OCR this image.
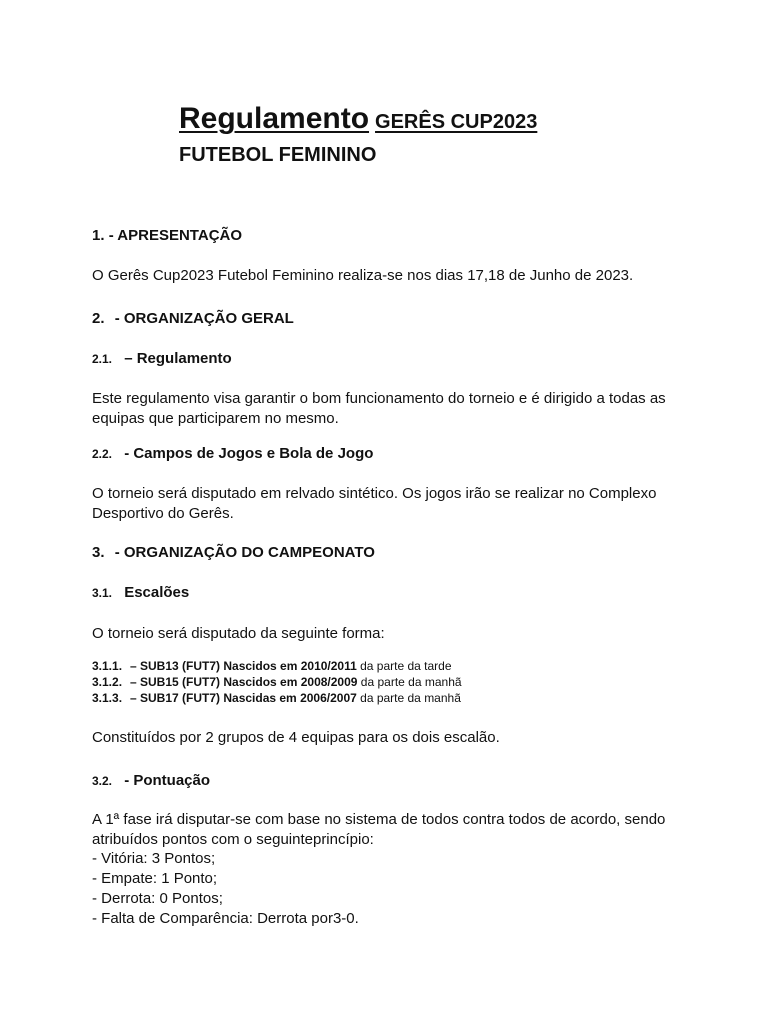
Regulamento GERÊS CUP2023
FUTEBOL FEMININO
1. - APRESENTAÇÃO
O Gerês Cup2023 Futebol Feminino realiza-se nos dias 17,18 de Junho de 2023.
2. - ORGANIZAÇÃO GERAL
2.1. – Regulamento
Este regulamento visa garantir o bom funcionamento do torneio e é dirigido a todas as equipas que participarem no mesmo.
2.2. - Campos de Jogos e Bola de Jogo
O torneio será disputado em relvado sintético. Os jogos irão se realizar no Complexo Desportivo do Gerês.
3. - ORGANIZAÇÃO DO CAMPEONATO
3.1. Escalões
O torneio será disputado da seguinte forma:
3.1.1. – SUB13 (FUT7) Nascidos em 2010/2011 da parte da tarde
3.1.2. – SUB15 (FUT7) Nascidos em 2008/2009 da parte da manhã
3.1.3. – SUB17 (FUT7) Nascidas em 2006/2007 da parte da manhã
Constituídos por 2 grupos de 4 equipas para os dois escalão.
3.2. - Pontuação
A 1ª fase irá disputar-se com base no sistema de todos contra todos de acordo, sendo atribuídos pontos com o seguinteprincípio:
- Vitória: 3 Pontos;
- Empate: 1 Ponto;
- Derrota: 0 Pontos;
- Falta de Comparência: Derrota por3-0.
